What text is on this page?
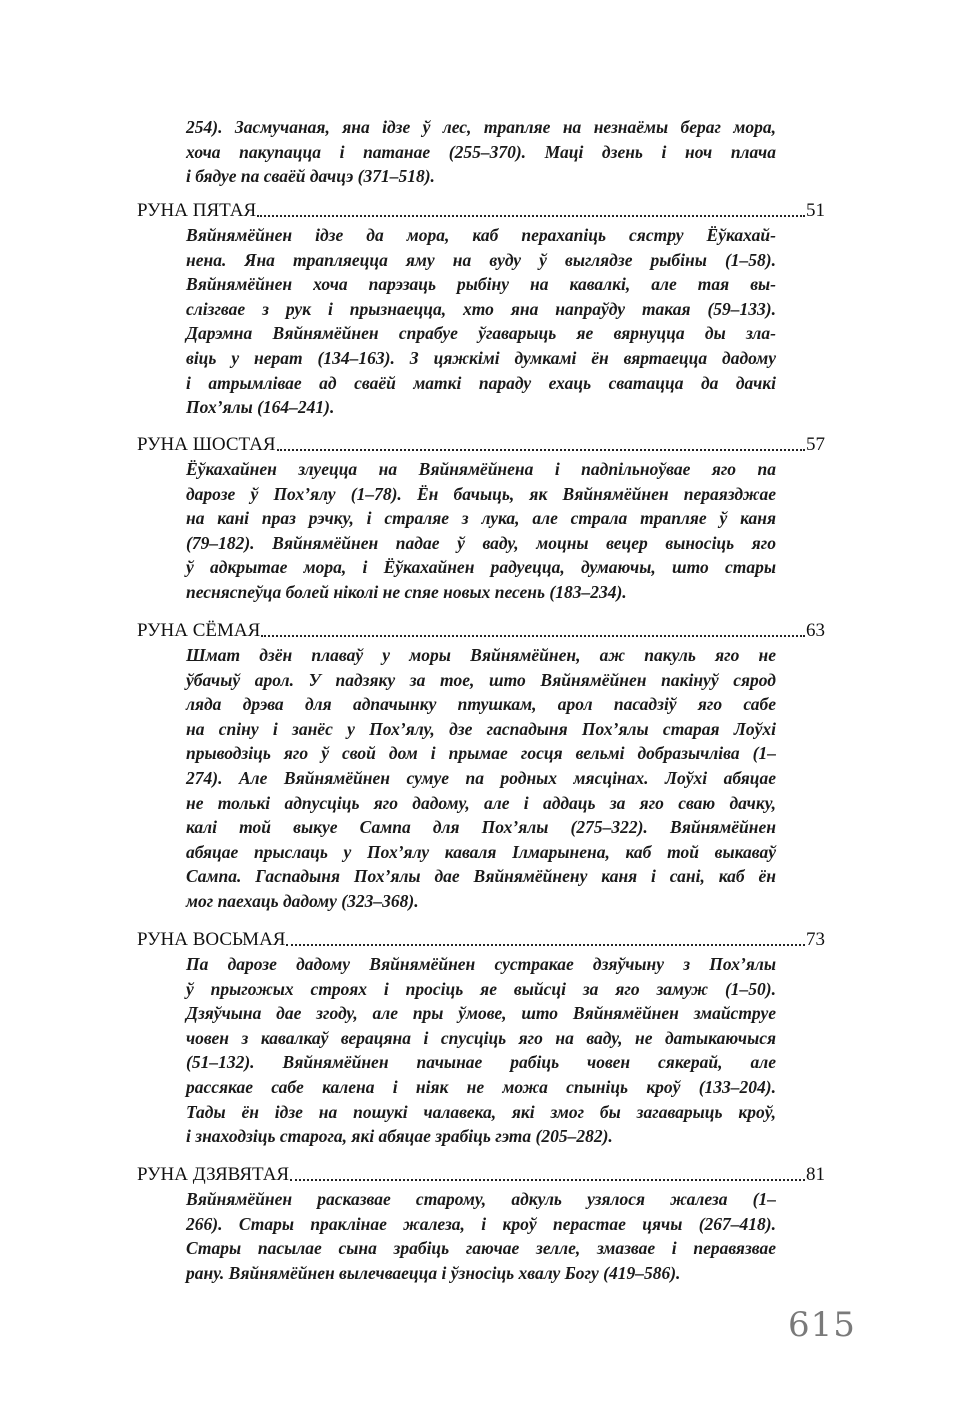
254). Засмучаная, яна ідзе ў лес, трапляе на незнаёмы бераг мора,
хоча пакупацца і патанае (255–370). Маці дзень і ноч плача
і бядуе па сваёй дачцэ (371–518).
РУНА ПЯТАЯ	51
Вяйнямёйнен ідзе да мора, каб перахапіць сястру Ёўкахай-
нена. Яна трапляецца яму на вуду ў выглядзе рыбіны (1–58).
Вяйнямёйнен хоча парэзаць рыбіну на кавалкі, але тая вы-
слізгвае з рук і прызнаецца, хто яна напраўду такая (59–133).
Дарэмна Вяйнямёйнен спрабуе ўгаварыць яе вярнуцца ды зла-
віць у нерат (134–163). З цяжкімі думкамі ён вяртаецца дадому
і атрымлівае ад сваёй маткі параду ехаць сватацца да дачкі
Пох’ялы (164–241).
РУНА ШОСТАЯ	57
Ёўкахайнен злуецца на Вяйнямёйнена і падпільноўвае яго па
дарозе ў Пох’ялу (1–78). Ён бачыць, як Вяйнямёйнен пераязджае
на кані праз рэчку, і страляе з лука, але страла трапляе ў каня
(79–182). Вяйнямёйнен падае ў ваду, моцны вецер выносіць яго
ў адкрытае мора, і Ёўкахайнен радуецца, думаючы, што стары
песняспеўца болей ніколі не спяе новых песень (183–234).
РУНА СЁМАЯ	63
Шмат дзён плаваў у моры Вяйнямёйнен, аж пакуль яго не
ўбачыў арол. У падзяку за тое, што Вяйнямёйнен пакінуў сярод
ляда дрэва для адпачынку птушкам, арол пасадзіў яго сабе
на спіну і занёс у Пох’ялу, дзе гаспадыня Пох’ялы старая Лоўхі
прыводзіць яго ў свой дом і прымае госця вельмі добразычліва (1–
274). Але Вяйнямёйнен сумуе па родных мясцінах. Лоўхі абяцае
не толькі адпусціць яго дадому, але і аддаць за яго сваю дачку,
калі той выкуе Сампа для Пох’ялы (275–322). Вяйнямёйнен
абяцае прыслаць у Пох’ялу каваля Ілмарынена, каб той выкаваў
Сампа. Гаспадыня Пох’ялы дае Вяйнямёйнену каня і сані, каб ён
мог паехаць дадому (323–368).
РУНА ВОСЬМАЯ	73
Па дарозе дадому Вяйнямёйнен сустракае дзяўчыну з Пох’ялы
ў прыгожых строях і просіць яе выйсці за яго замуж (1–50).
Дзяўчына дае згоду, але пры ўмове, што Вяйнямёйнен змайструе
човен з кавалкаў верацяна і спусціць яго на ваду, не датыкаючыся
(51–132). Вяйнямёйнен пачынае рабіць човен сякерай, але
рассякае сабе калена і ніяк не можа спыніць кроў (133–204).
Тады ён ідзе на пошукі чалавека, які змог бы загаварыць кроў,
і знаходзіць старога, які абяцае зрабіць гэта (205–282).
РУНА ДЗЯВЯТАЯ	81
Вяйнямёйнен расказвае старому, адкуль узялося жалеза (1–
266). Стары праклінае жалеза, і кроў перастае цячы (267–418).
Стары пасылае сына зрабіць гаючае зелле, змазвае і перавязвае
рану. Вяйнямёйнен вылечваецца і ўзносіць хвалу Богу (419–586).
615
